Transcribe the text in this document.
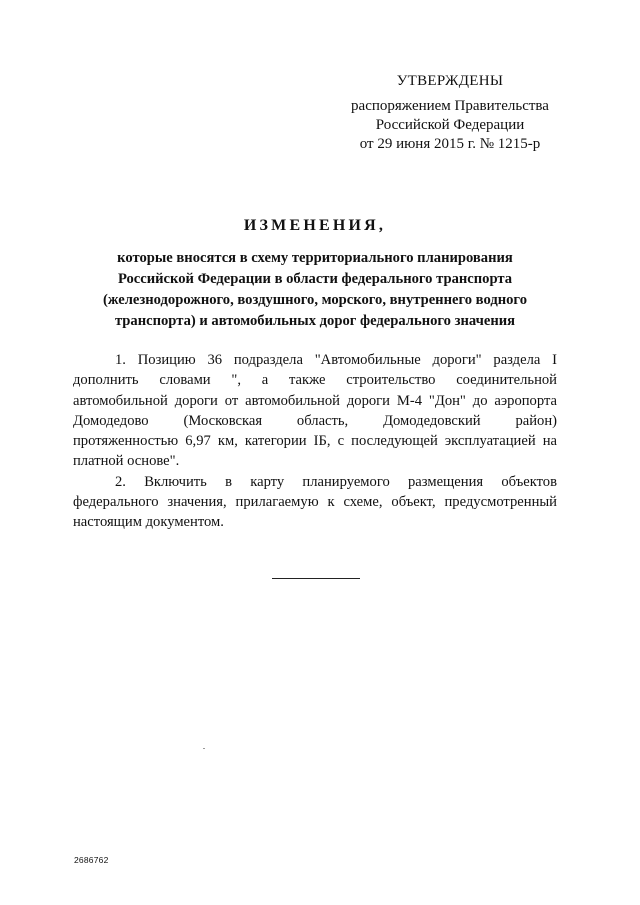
УТВЕРЖДЕНЫ
распоряжением Правительства
Российской Федерации
от 29 июня 2015 г. № 1215-р
ИЗМЕНЕНИЯ,
которые вносятся в схему территориального планирования
Российской Федерации в области федерального транспорта
(железнодорожного, воздушного, морского, внутреннего водного
транспорта) и автомобильных дорог федерального значения
1. Позицию 36 подраздела "Автомобильные дороги" раздела I
дополнить словами ", а также строительство соединительной
автомобильной дороги от автомобильной дороги М-4 "Дон" до аэропорта
Домодедово (Московская область, Домодедовский район)
протяженностью 6,97 км, категории IБ, с последующей эксплуатацией на
платной основе".
2. Включить в карту планируемого размещения объектов
федерального значения, прилагаемую к схеме, объект, предусмотренный
настоящим документом.
2686762
